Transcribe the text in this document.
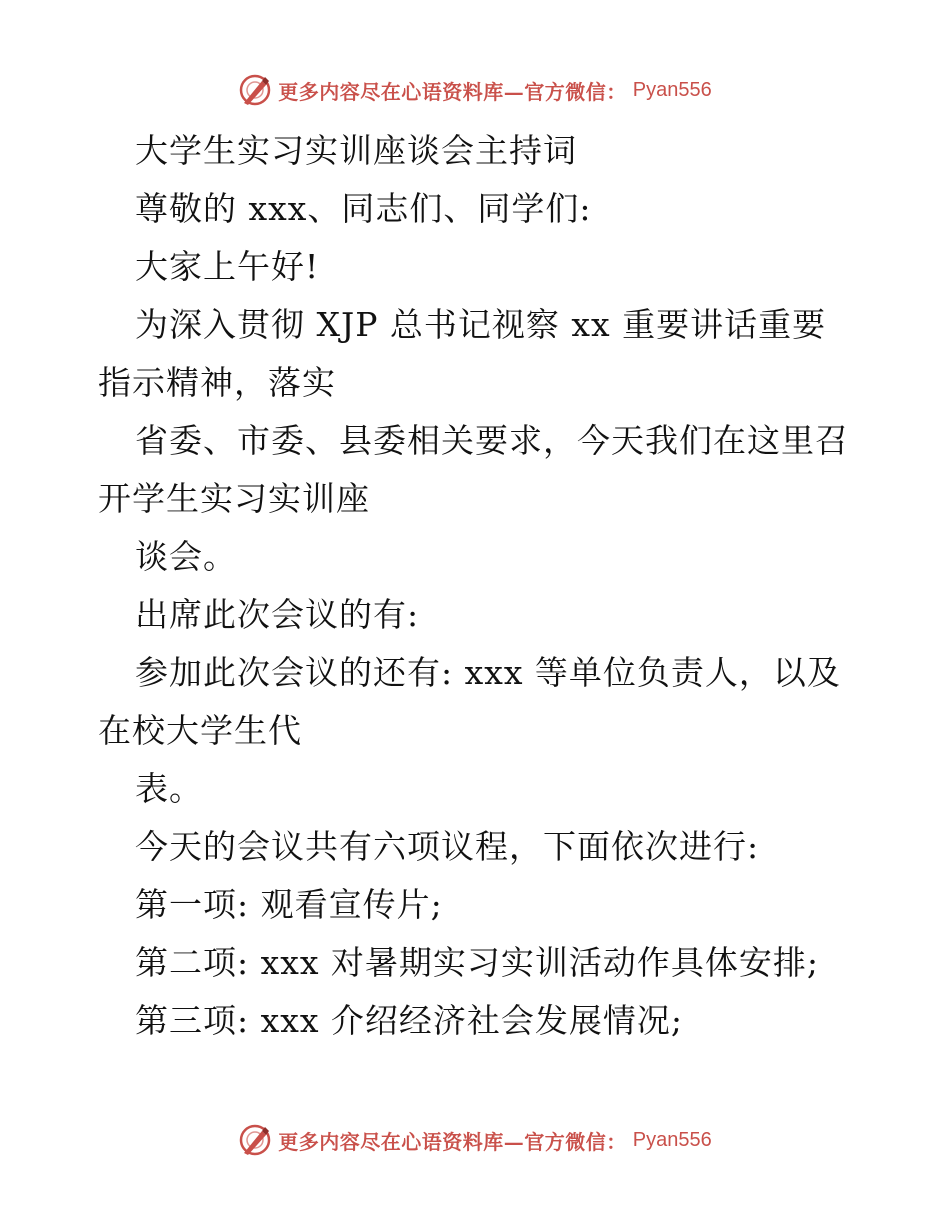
更多内容尽在心语资料库—官方微信： Pyan556
大学生实习实训座谈会主持词
尊敬的 xxx、同志们、同学们:
大家上午好!
为深入贯彻 XJP 总书记视察 xx 重要讲话重要
指示精神，落实
省委、市委、县委相关要求，今天我们在这里召
开学生实习实训座
谈会。
出席此次会议的有:
参加此次会议的还有: xxx 等单位负责人，以及
在校大学生代
表。
今天的会议共有六项议程，下面依次进行:
第一项: 观看宣传片;
第二项: xxx 对暑期实习实训活动作具体安排;
第三项: xxx 介绍经济社会发展情况;
更多内容尽在心语资料库—官方微信： Pyan556
